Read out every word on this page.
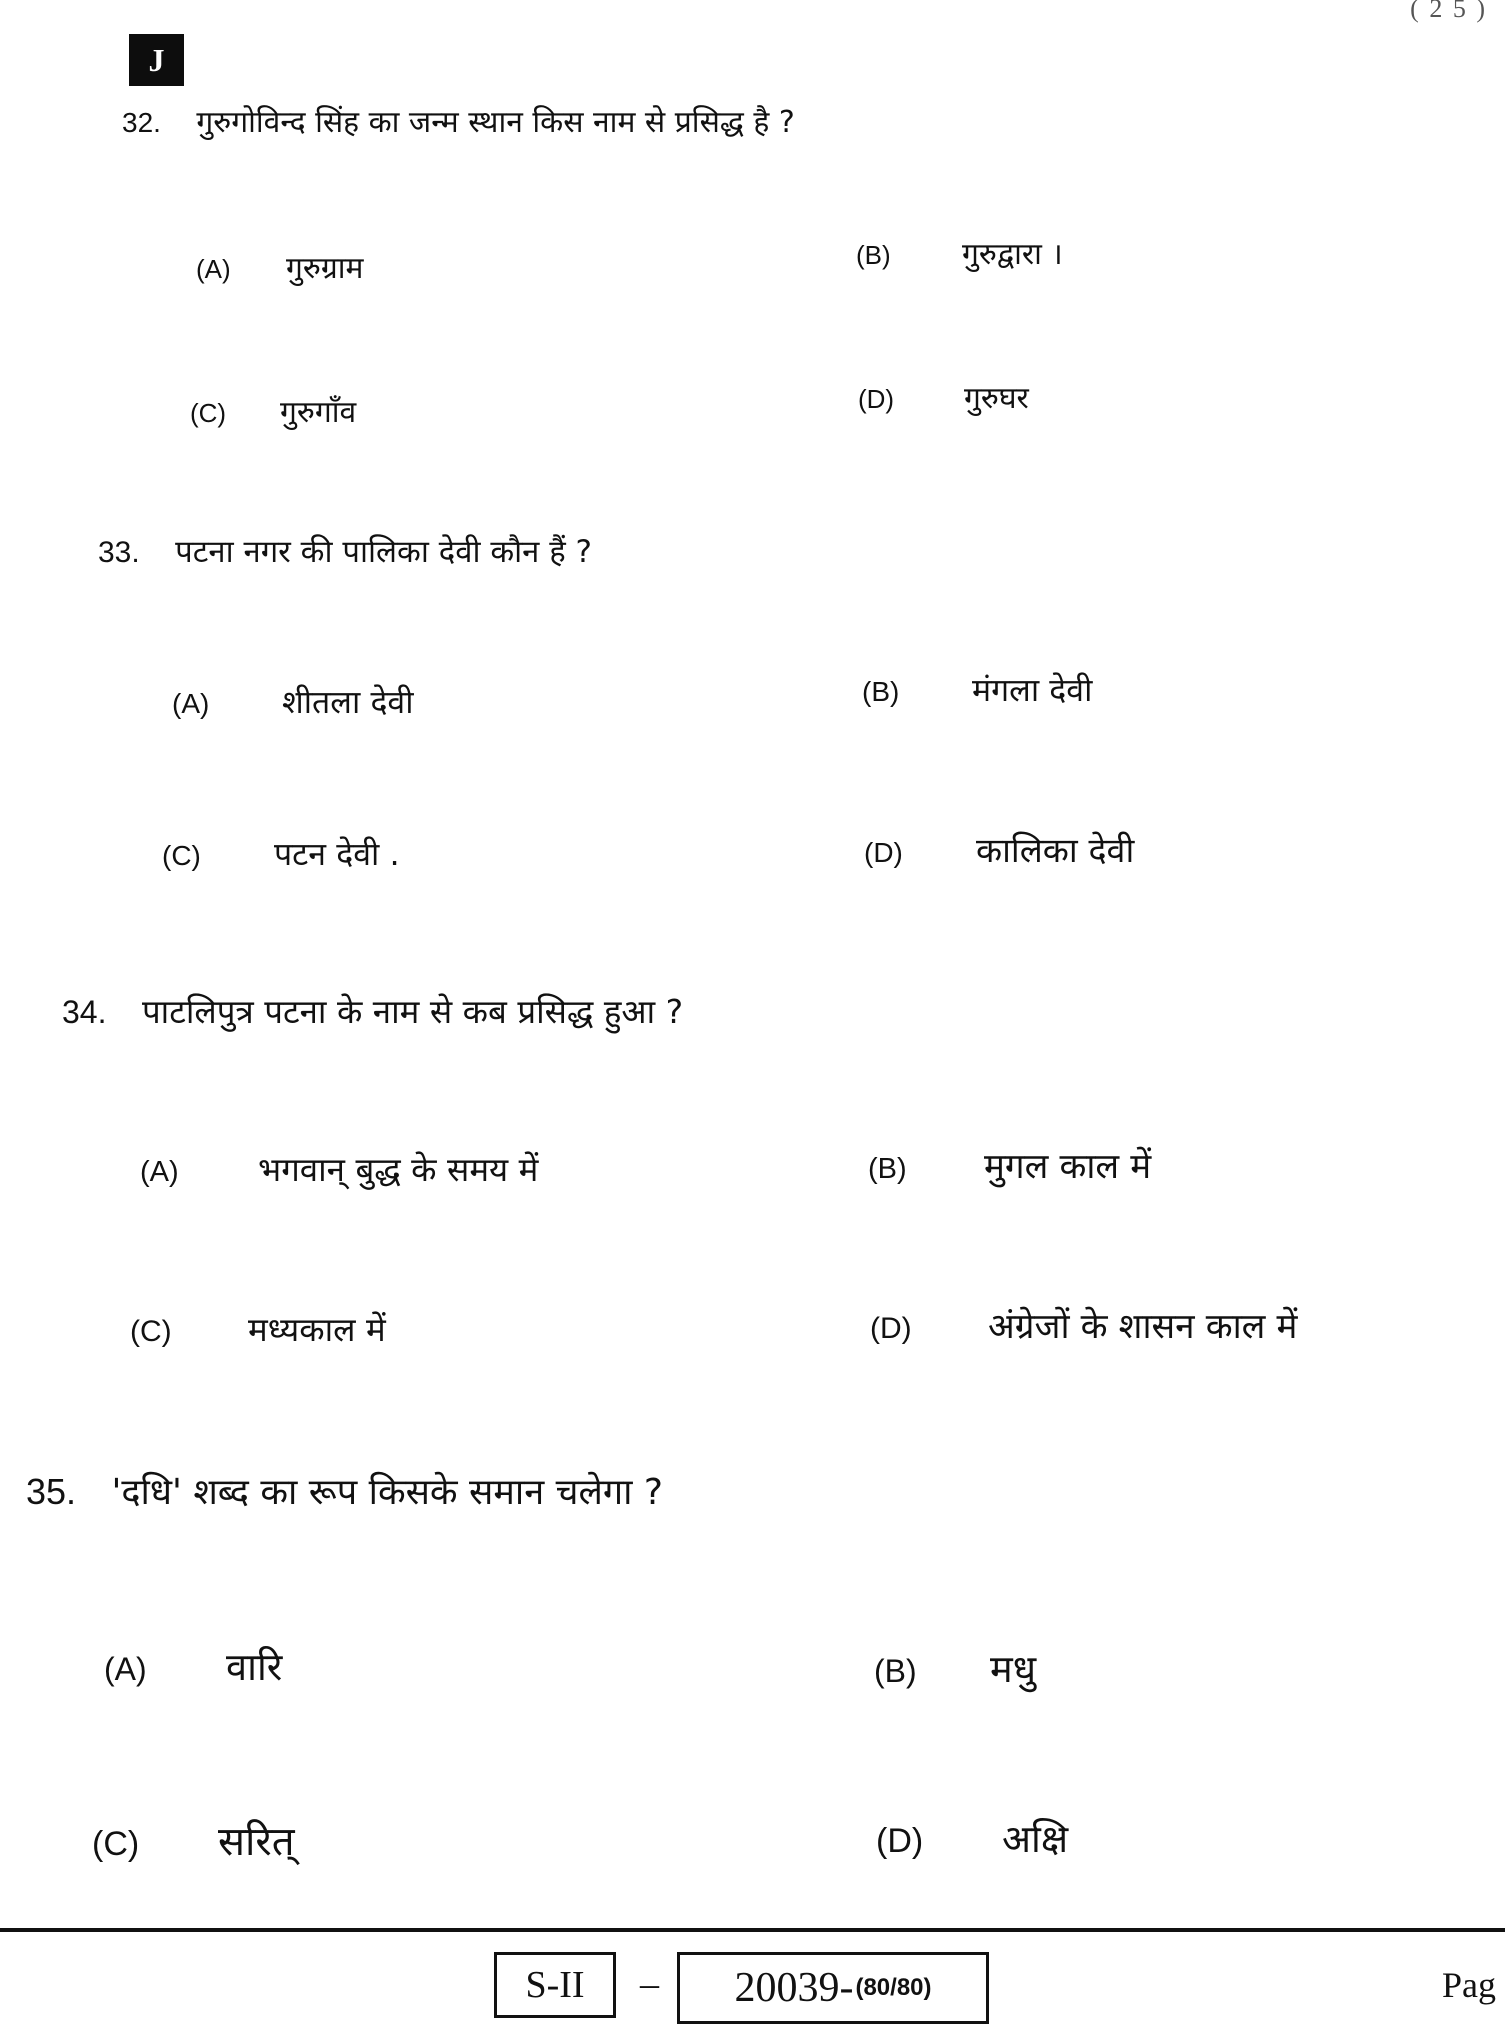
( 2 5 )
J
32. गुरुगोविन्द सिंह का जन्म स्थान किस नाम से प्रसिद्ध है ?
(A)	गुरुग्राम	(B)	गुरुद्वारा ।
(C)	गुरुगाँव	(D)	गुरुघर
33. पटना नगर की पालिका देवी कौन हैं ?
(A)	शीतला देवी	(B)	मंगला देवी
(C)	पटन देवी .	(D)	कालिका देवी
34. पाटलिपुत्र पटना के नाम से कब प्रसिद्ध हुआ ?
(A)	भगवान् बुद्ध के समय में	(B)	मुगल काल में
(C)	मध्यकाल में	(D)	अंग्रेजों के शासन काल में
35. 'दधि' शब्द का रूप किसके समान चलेगा ?
(A)	वारि	(B)	मधु
(C)	सरित्	(D)	अक्षि
S-II – 20039- (80/80)	Pag
